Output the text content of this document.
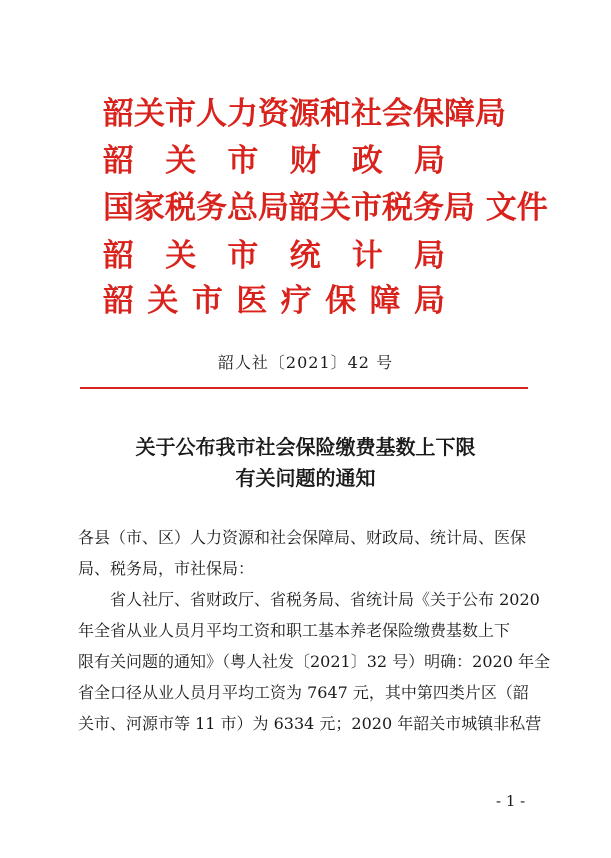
韶关市人力资源和社会保障局
韶 关 市 财 政 局
国家税务总局韶关市税务局 文件
韶 关 市 统 计 局
韶 关 市 医 疗 保 障 局
韶人社〔2021〕42 号
关于公布我市社会保险缴费基数上下限
有关问题的通知
各县（市、区）人力资源和社会保障局、财政局、统计局、医保
局、税务局，市社保局：
省人社厅、省财政厅、省税务局、省统计局《关于公布 2020
年全省从业人员月平均工资和职工基本养老保险缴费基数上下
限有关问题的通知》（粤人社发〔2021〕32 号）明确：2020 年全
省全口径从业人员月平均工资为 7647 元，其中第四类片区（韶
关市、河源市等 11 市）为 6334 元；2020 年韶关市城镇非私营
- 1 -
